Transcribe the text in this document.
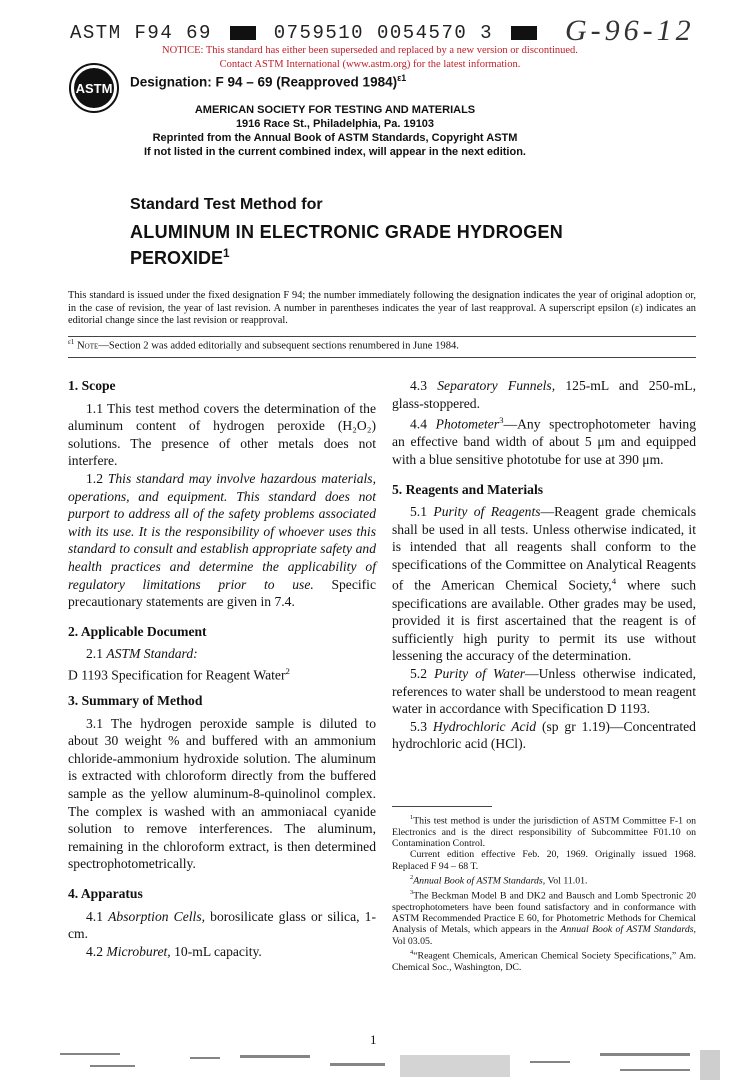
ASTM F94 69	0759510 0054570 3	G-96-12
NOTICE: This standard has either been superseded and replaced by a new version or discontinued.
Contact ASTM International (www.astm.org) for the latest information.
ASTM Designation: F 94 – 69 (Reapproved 1984)$^{\varepsilon 1}$
AMERICAN SOCIETY FOR TESTING AND MATERIALS
1916 Race St., Philadelphia, Pa. 19103
Reprinted from the Annual Book of ASTM Standards, Copyright ASTM
If not listed in the current combined index, will appear in the next edition.
Standard Test Method for
ALUMINUM IN ELECTRONIC GRADE HYDROGEN
PEROXIDE$^1$
This standard is issued under the fixed designation F 94; the number immediately following the designation indicates the year of original adoption or, in the case of revision, the year of last revision. A number in parentheses indicates the year of last reapproval. A superscript epsilon (ε) indicates an editorial change since the last revision or reapproval.
$^{\varepsilon 1}$ Note—Section 2 was added editorially and subsequent sections renumbered in June 1984.
1. Scope

1.1 This test method covers the determination of the aluminum content of hydrogen peroxide (H₂O₂) solutions. The presence of other metals does not interfere.

1.2 This standard may involve hazardous materials, operations, and equipment. This standard does not purport to address all of the safety problems associated with its use. It is the responsibility of whoever uses this standard to consult and establish appropriate safety and health practices and determine the applicability of regulatory limitations prior to use. Specific precautionary statements are given in 7.4.

2. Applicable Document

2.1 ASTM Standard:

D 1193 Specification for Reagent Water$^2$

3. Summary of Method

3.1 The hydrogen peroxide sample is diluted to about 30 weight % and buffered with an ammonium chloride-ammonium hydroxide solution. The aluminum is extracted with chloroform directly from the buffered sample as the yellow aluminum-8-quinolinol complex. The complex is washed with an ammoniacal cyanide solution to remove interferences. The aluminum, remaining in the chloroform extract, is then determined spectrophotometrically.

4. Apparatus

4.1 Absorption Cells, borosilicate glass or silica, 1-cm.

4.2 Microburet, 10-mL capacity.

4.3 Separatory Funnels, 125-mL and 250-mL, glass-stoppered.

4.4 Photometer$^3$—Any spectrophotometer having an effective band width of about 5 μm and equipped with a blue sensitive phototube for use at 390 μm.

5. Reagents and Materials

5.1 Purity of Reagents—Reagent grade chemicals shall be used in all tests. Unless otherwise indicated, it is intended that all reagents shall conform to the specifications of the Committee on Analytical Reagents of the American Chemical Society,$^4$ where such specifications are available. Other grades may be used, provided it is first ascertained that the reagent is of sufficiently high purity to permit its use without lessening the accuracy of the determination.

5.2 Purity of Water—Unless otherwise indicated, references to water shall be understood to mean reagent water in accordance with Specification D 1193.

5.3 Hydrochloric Acid (sp gr 1.19)—Concentrated hydrochloric acid (HCl).

$^1$This test method is under the jurisdiction of ASTM Committee F-1 on Electronics and is the direct responsibility of Subcommittee F01.10 on Contamination Control.

Current edition effective Feb. 20, 1969. Originally issued 1968. Replaced F 94 – 68 T.

$^2$Annual Book of ASTM Standards, Vol 11.01.

$^3$The Beckman Model B and DK2 and Bausch and Lomb Spectronic 20 spectrophotometers have been found satisfactory and in conformance with ASTM Recommended Practice E 60, for Photometric Methods for Chemical Analysis of Metals, which appears in the Annual Book of ASTM Standards, Vol 03.05.

$^4$“Reagent Chemicals, American Chemical Society Specifications,” Am. Chemical Soc., Washington, DC.

1
